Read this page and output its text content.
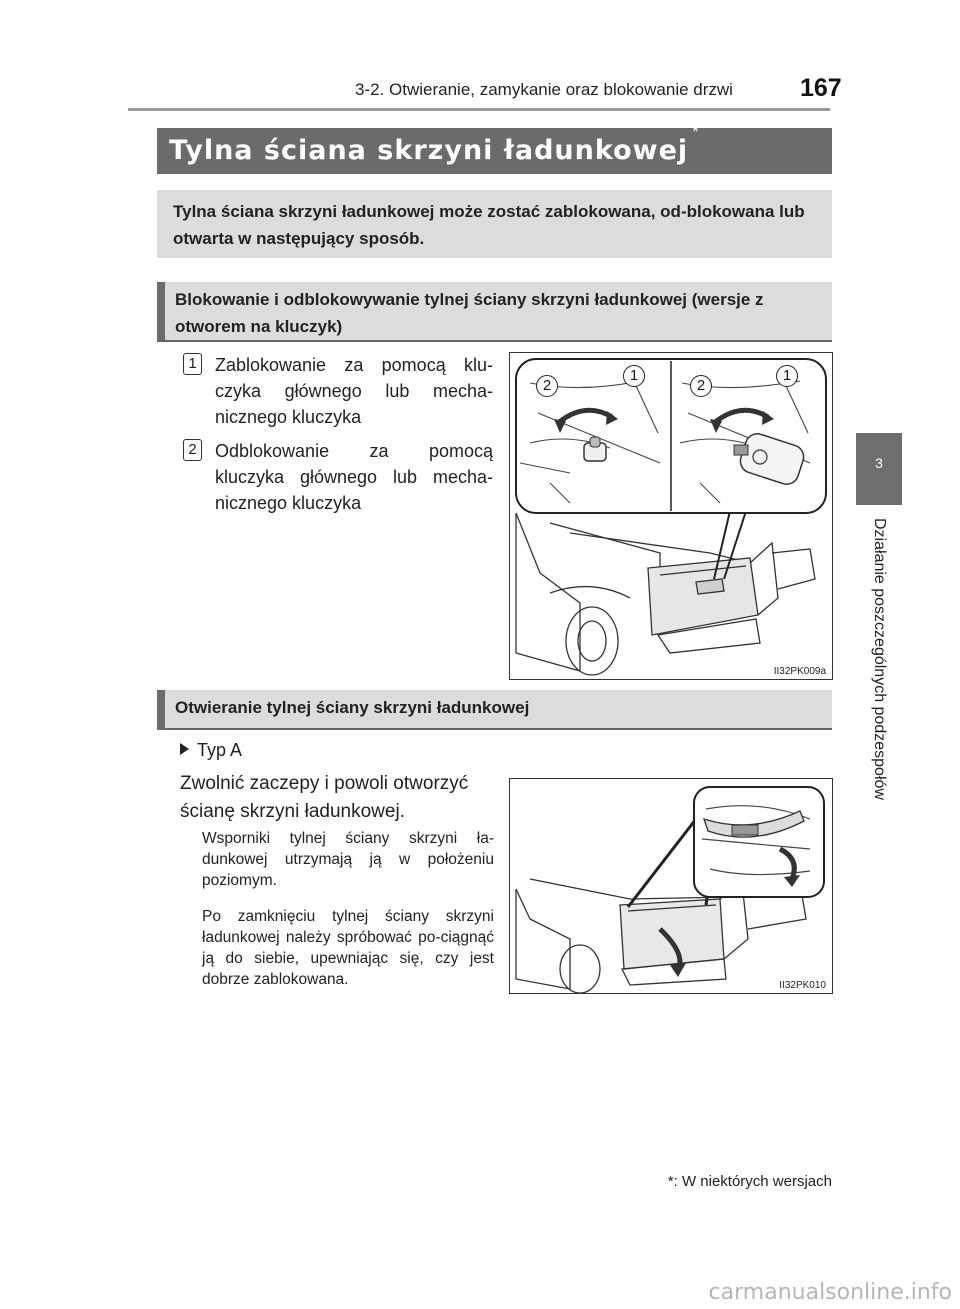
3-2. Otwieranie, zamykanie oraz blokowanie drzwi	167
3
Działanie poszczególnych podzespołów
Tylna ściana skrzyni ładunkowej*
Tylna ściana skrzyni ładunkowej może zostać zablokowana, od-blokowana lub otwarta w następujący sposób.
Blokowanie i odblokowywanie tylnej ściany skrzyni ładunkowej (wersje z otworem na kluczyk)
1 Zablokowanie za pomocą klu-czyka głównego lub mecha-nicznego kluczyka
2 Odblokowanie za pomocą kluczyka głównego lub mecha-nicznego kluczyka
2
1
2
1
II32PK009a
Otwieranie tylnej ściany skrzyni ładunkowej
Typ A
Zwolnić zaczepy i powoli otworzyć ścianę skrzyni ładunkowej.
Wsporniki tylnej ściany skrzyni ła-dunkowej utrzymają ją w położeniu poziomym.
Po zamknięciu tylnej ściany skrzyni ładunkowej należy spróbować po-ciągnąć ją do siebie, upewniając się, czy jest dobrze zablokowana.	II32PK010
*: W niektórych wersjach
carmanualsonline.info
